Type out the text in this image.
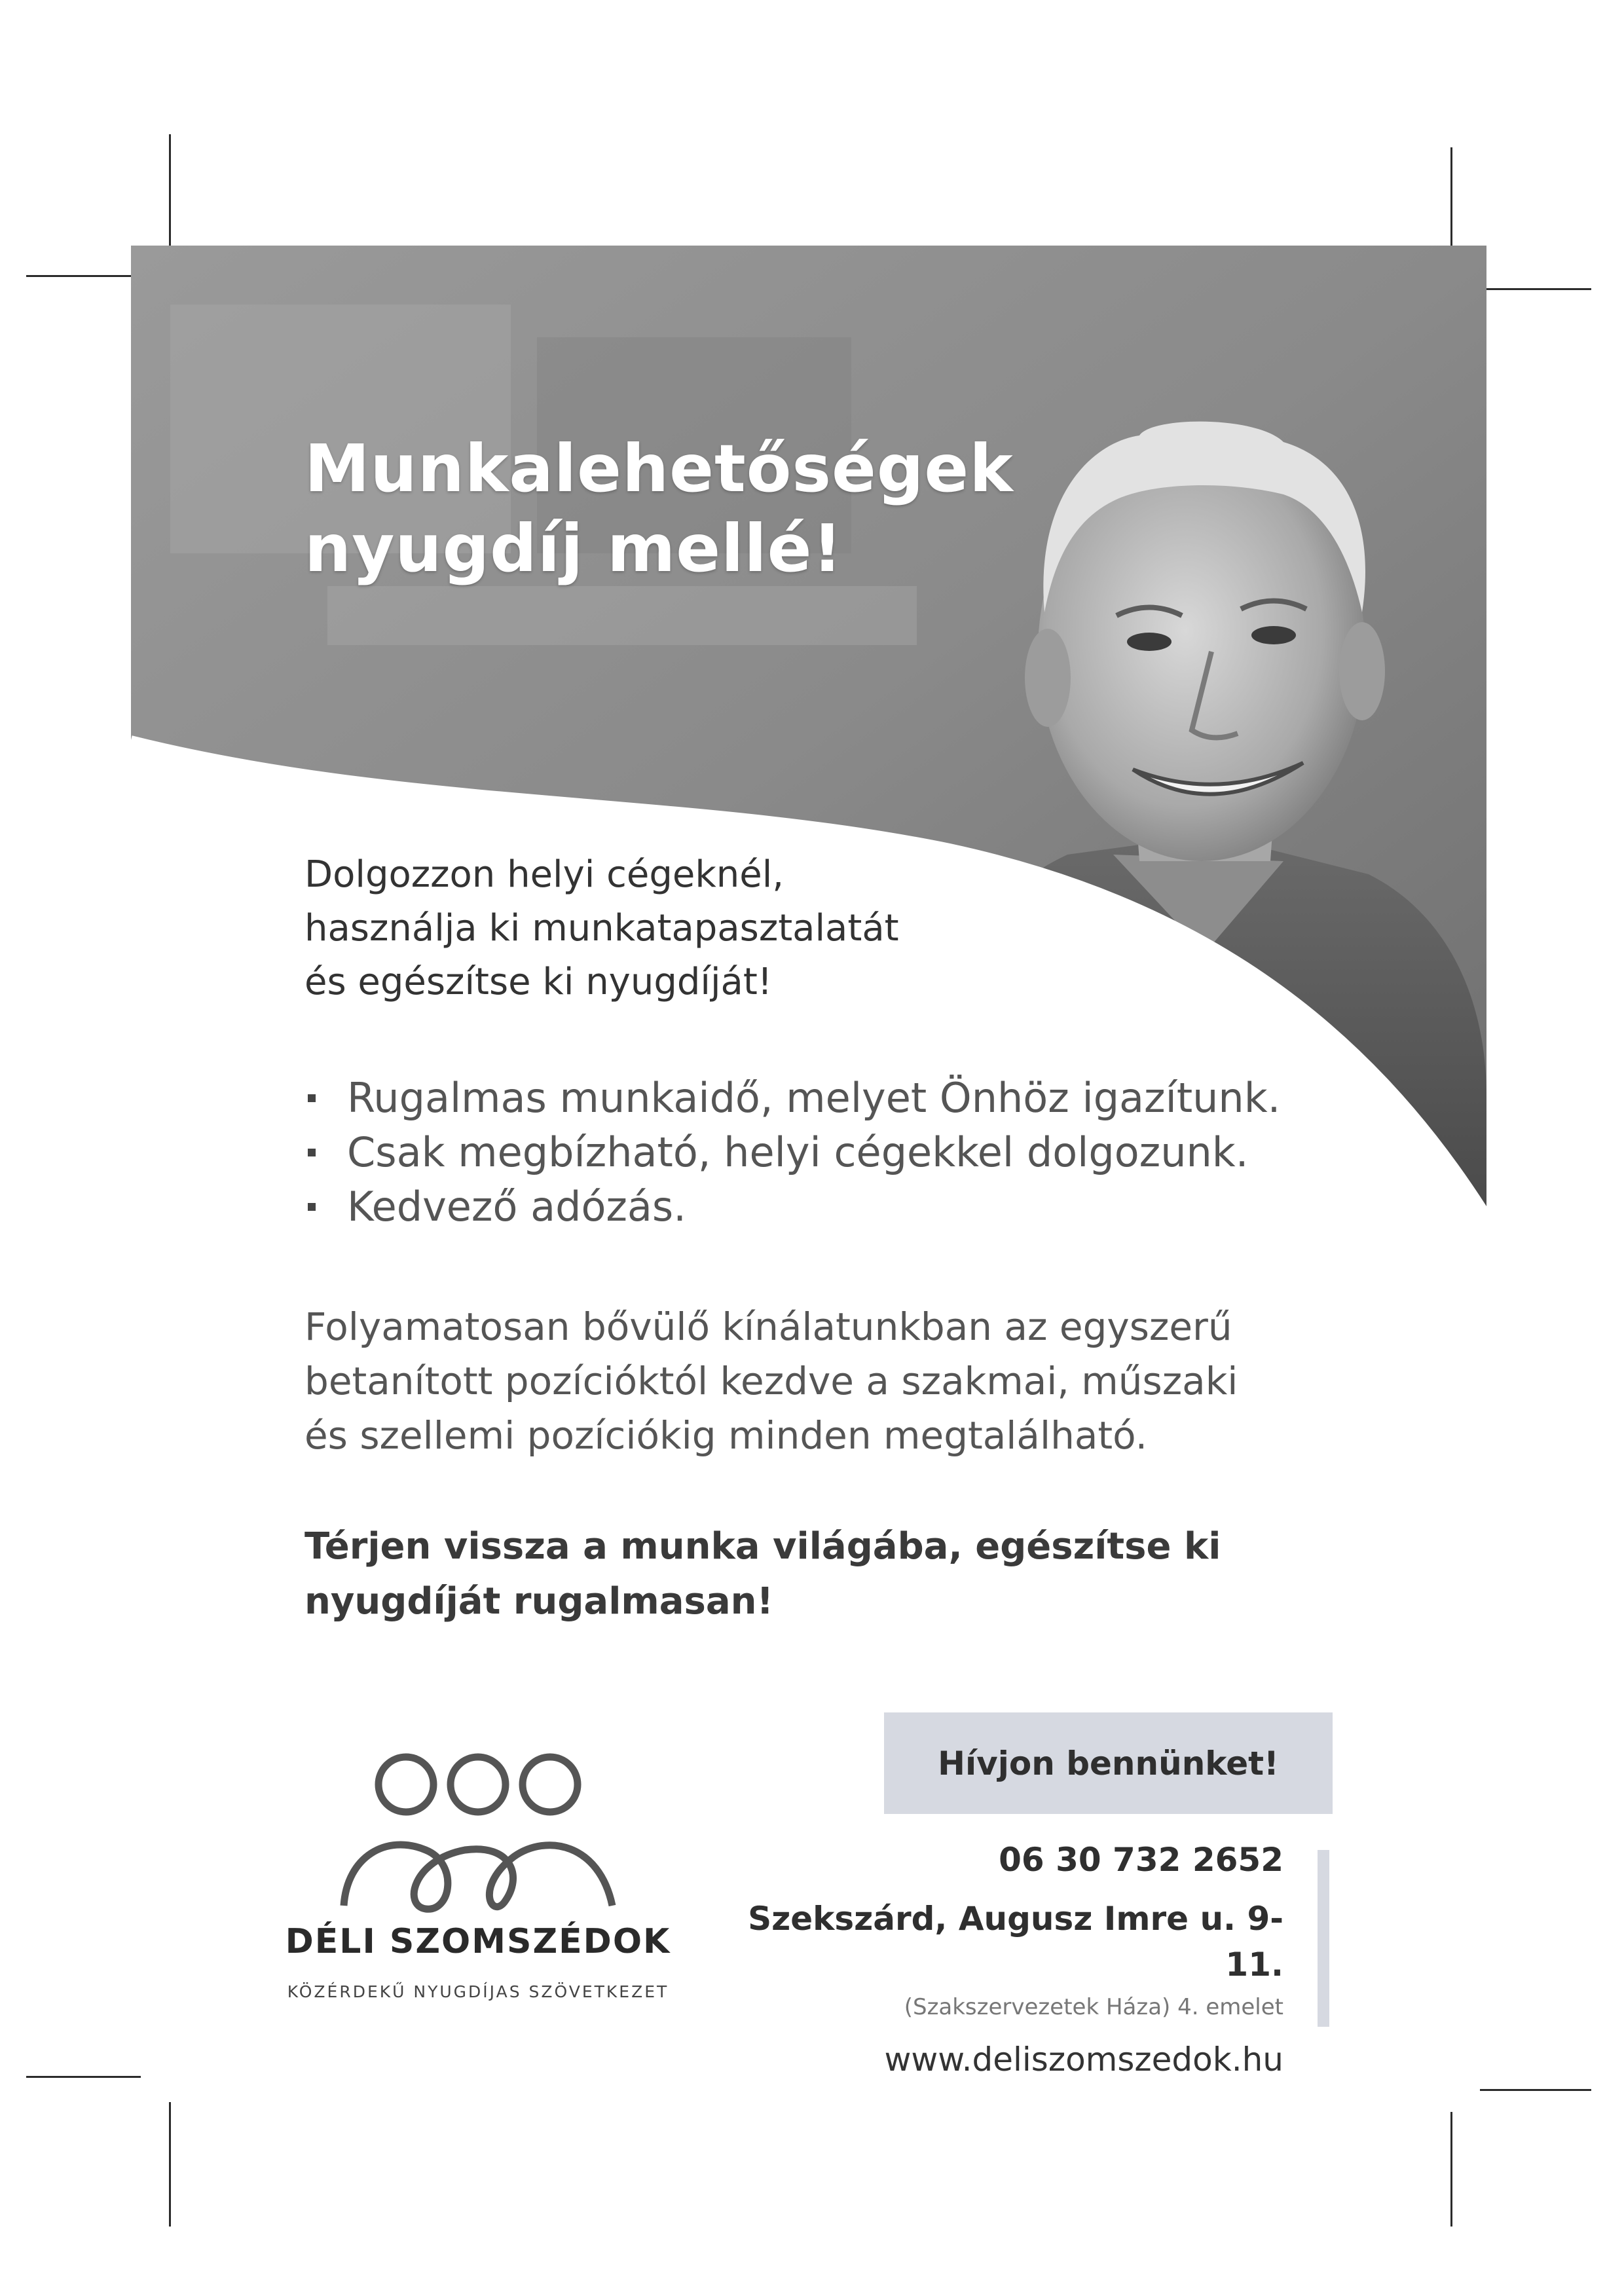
Munkalehetőségek
nyugdíj mellé!

Dolgozzon helyi cégeknél,
használja ki munkatapasztalatát
és egészítse ki nyugdíját!

Rugalmas munkaidő, melyet Önhöz igazítunk.
Csak megbízható, helyi cégekkel dolgozunk.
Kedvező adózás.

Folyamatosan bővülő kínálatunkban az egyszerű
betanított pozícióktól kezdve a szakmai, műszaki
és szellemi pozíciókig minden megtalálható.

Térjen vissza a munka világába, egészítse ki
nyugdíját rugalmasan!

DÉLI SZOMSZÉDOK
KÖZÉRDEKŰ NYUGDÍJAS SZÖVETKEZET
Hívjon bennünket!
06 30 732 2652
Szekszárd, Augusz Imre u. 9-11.
(Szakszervezetek Háza) 4. emelet
www.deliszomszedok.hu
